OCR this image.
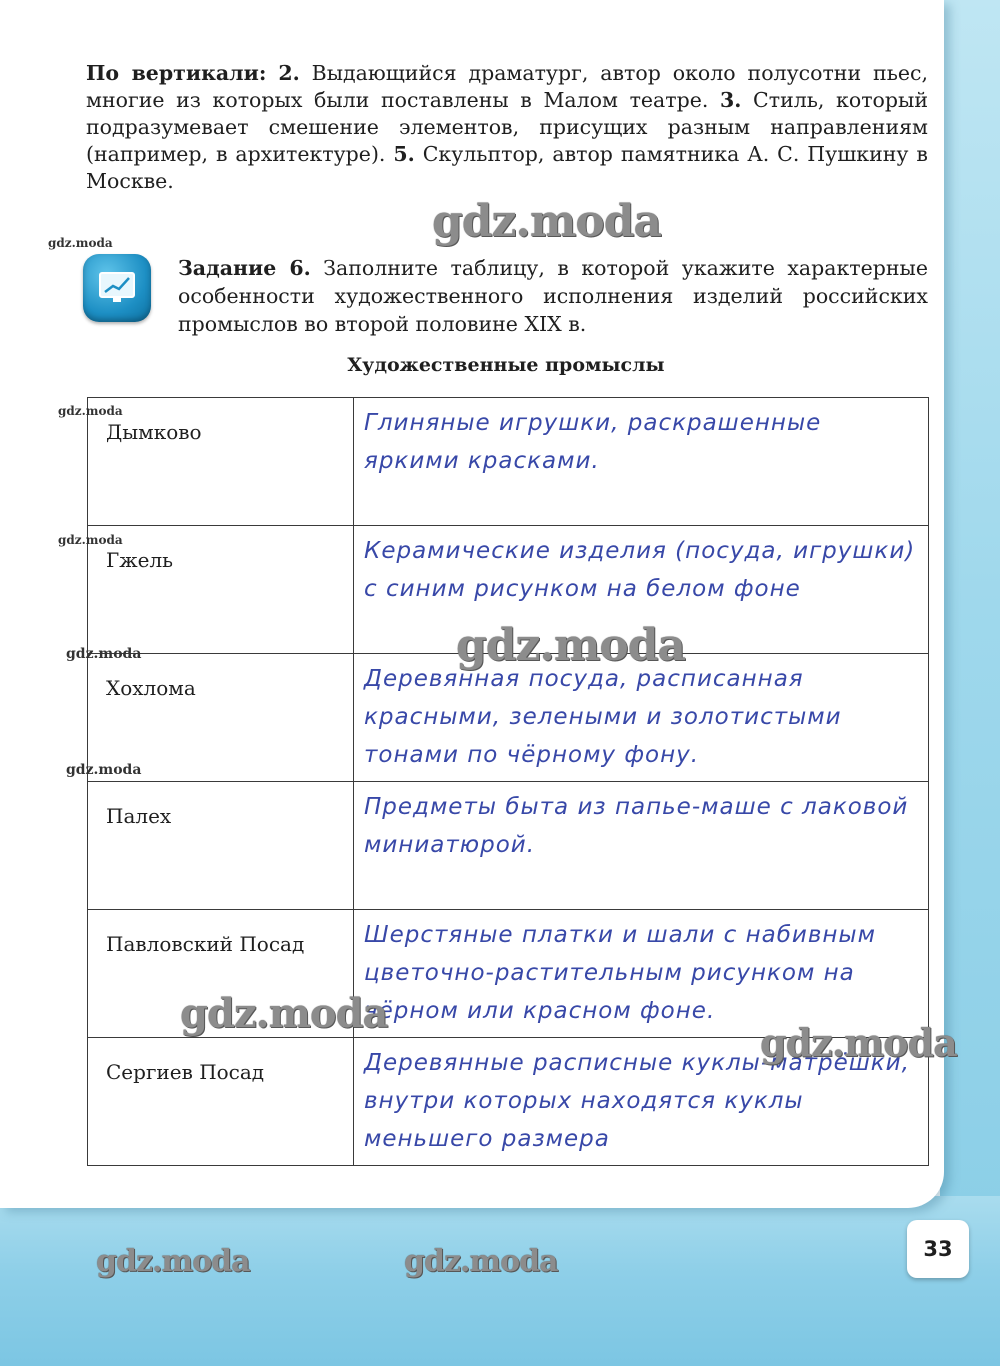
По вертикали: 2. Выдающийся драматург, автор около полусотни пьес, многие из которых были поставлены в Малом театре. 3. Стиль, который подразумевает смешение элементов, присущих разным направлениям (например, в архитектуре). 5. Скульптор, автор памятника А. С. Пушкину в Москве.
gdz.moda
gdz.moda
Задание 6. Заполните таблицу, в которой укажите характерные особенности художественного исполнения изделий российских промыслов во второй половине XIX в.
Художественные промыслы
Дымково	Глиняные игрушки, раскрашенные яркими красками.
Гжель	Керамические изделия (посуда, игрушки) с синим рисунком на белом фоне
Хохлома	Деревянная посуда, расписанная красными, зелеными и золотистыми тонами по чёрному фону.
Палех	Предметы быта из папье-маше с лаковой миниатюрой.
Павловский Посад	Шерстяные платки и шали с набивным цветочно-растительным рисунком на чёрном или красном фоне.
Сергиев Посад	Деревянные расписные куклы-матрёшки, внутри которых находятся куклы меньшего размера
gdz.moda
gdz.moda
gdz.moda
gdz.moda
gdz.moda
gdz.moda
gdz.moda
gdz.moda	gdz.moda	33
